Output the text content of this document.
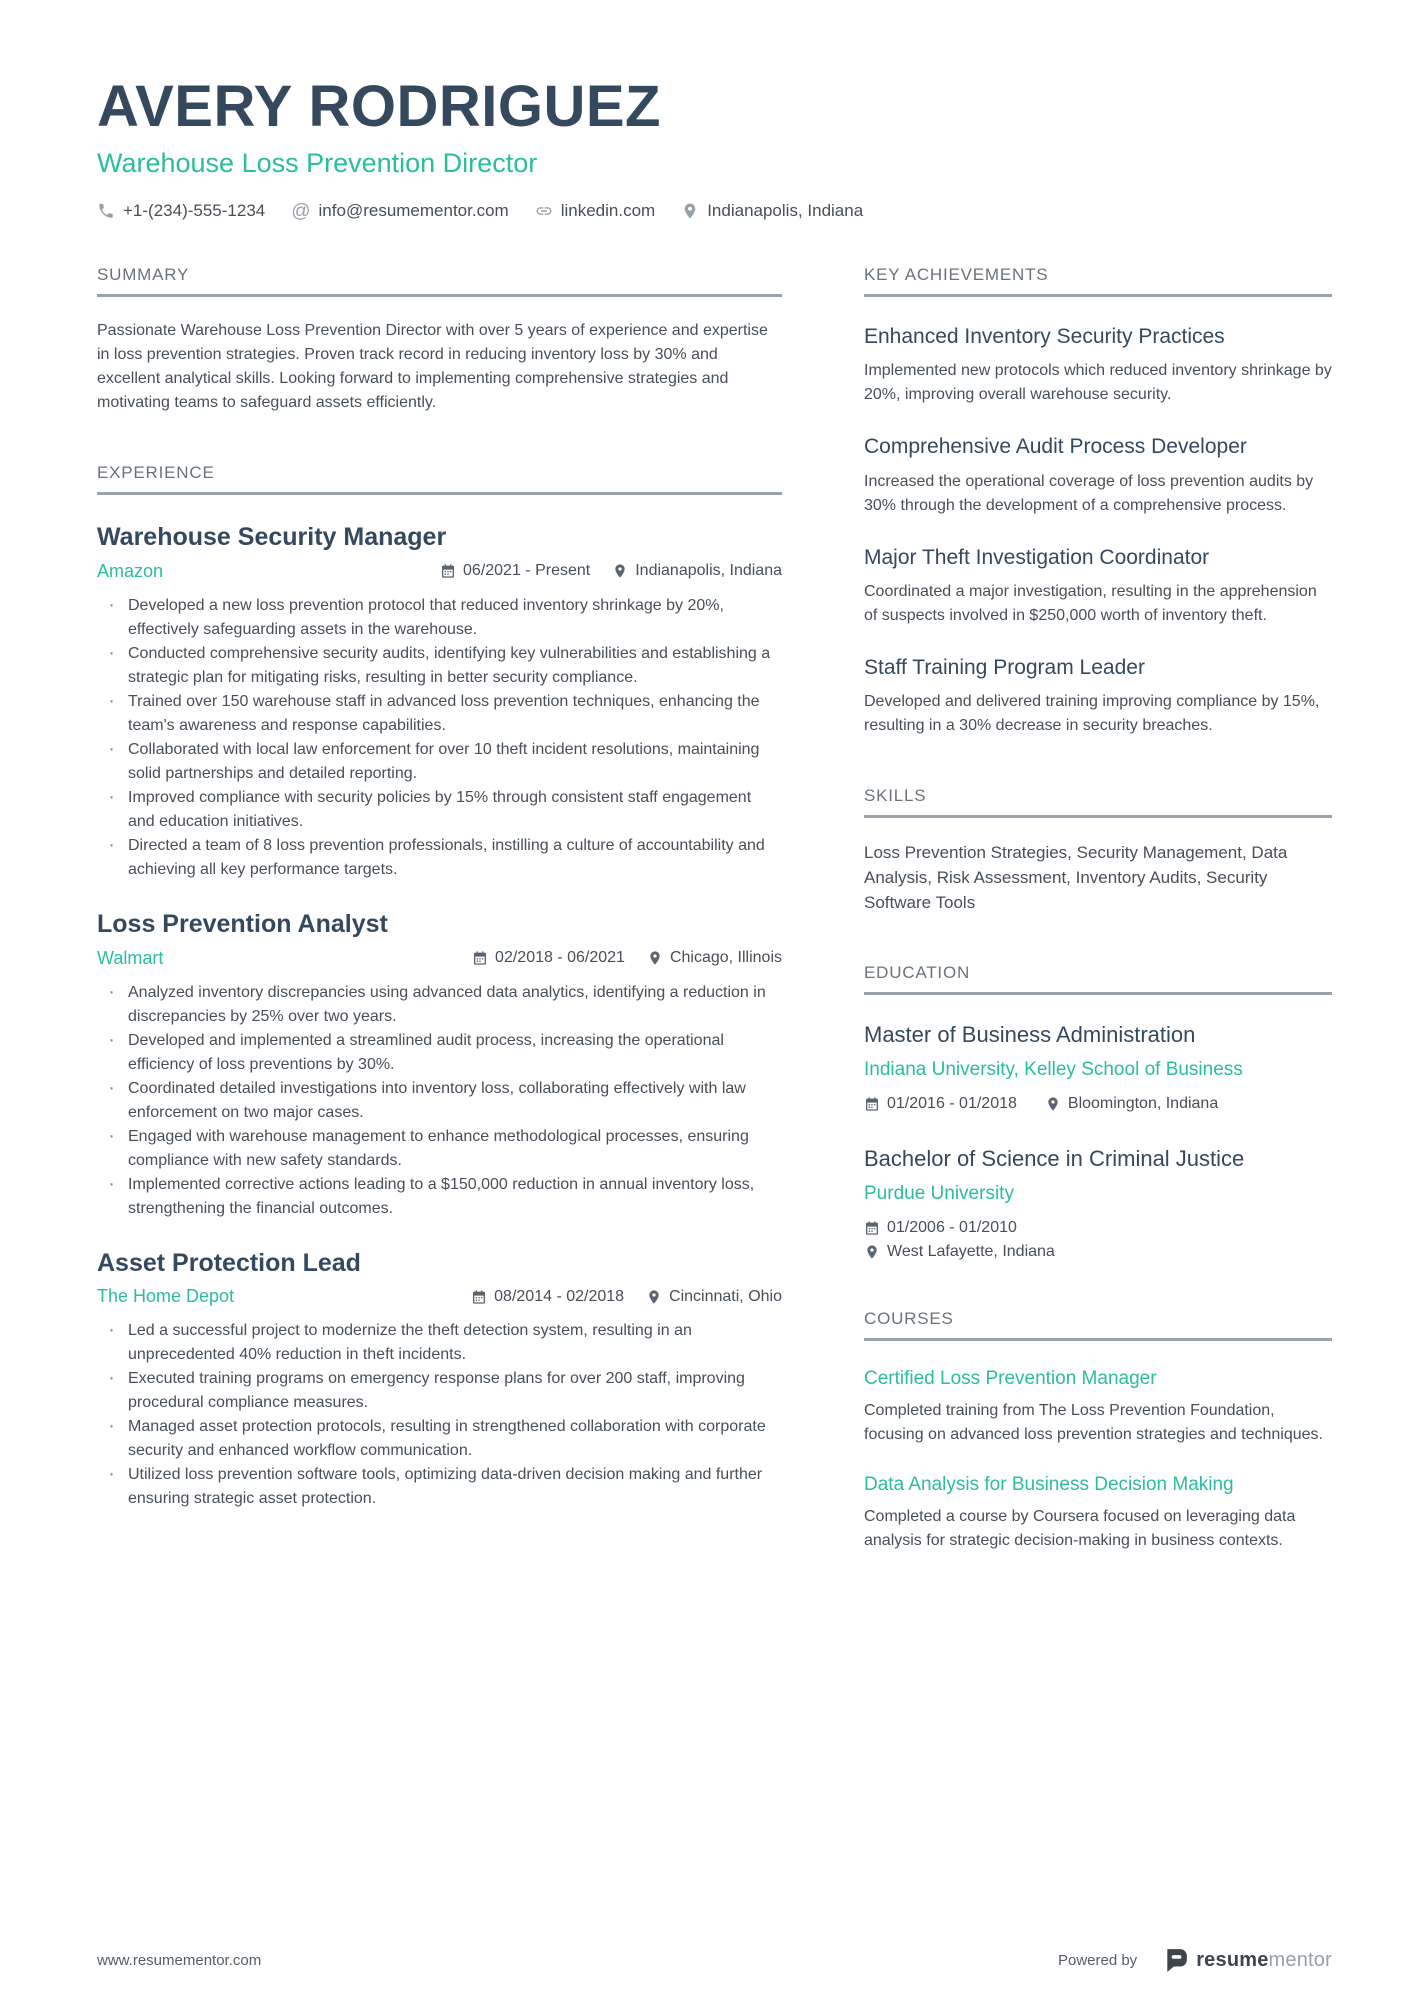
AVERY RODRIGUEZ
Warehouse Loss Prevention Director
+1-(234)-555-1234 @ info@resumementor.com	linkedin.com	Indianapolis, Indiana
SUMMARY

Passionate Warehouse Loss Prevention Director with over 5 years of experience and expertise in loss prevention strategies. Proven track record in reducing inventory loss by 30% and excellent analytical skills. Looking forward to implementing comprehensive strategies and motivating teams to safeguard assets efficiently.

EXPERIENCE
Warehouse Security Manager
Amazon	06/2021 - Present	Indianapolis, Indiana
· Developed a new loss prevention protocol that reduced inventory shrinkage by 20%, effectively safeguarding assets in the warehouse.
· Conducted comprehensive security audits, identifying key vulnerabilities and establishing a strategic plan for mitigating risks, resulting in better security compliance.
· Trained over 150 warehouse staff in advanced loss prevention techniques, enhancing the team's awareness and response capabilities.
· Collaborated with local law enforcement for over 10 theft incident resolutions, maintaining solid partnerships and detailed reporting.
· Improved compliance with security policies by 15% through consistent staff engagement and education initiatives.
· Directed a team of 8 loss prevention professionals, instilling a culture of accountability and achieving all key performance targets.
Loss Prevention Analyst
Walmart	02/2018 - 06/2021	Chicago, Illinois
· Analyzed inventory discrepancies using advanced data analytics, identifying a reduction in discrepancies by 25% over two years.
· Developed and implemented a streamlined audit process, increasing the operational efficiency of loss preventions by 30%.
· Coordinated detailed investigations into inventory loss, collaborating effectively with law enforcement on two major cases.
· Engaged with warehouse management to enhance methodological processes, ensuring compliance with new safety standards.
· Implemented corrective actions leading to a $150,000 reduction in annual inventory loss, strengthening the financial outcomes.
Asset Protection Lead
The Home Depot	08/2014 - 02/2018	Cincinnati, Ohio
· Led a successful project to modernize the theft detection system, resulting in an unprecedented 40% reduction in theft incidents.
· Executed training programs on emergency response plans for over 200 staff, improving procedural compliance measures.
· Managed asset protection protocols, resulting in strengthened collaboration with corporate security and enhanced workflow communication.
· Utilized loss prevention software tools, optimizing data-driven decision making and further ensuring strategic asset protection.
KEY ACHIEVEMENTS
Enhanced Inventory Security Practices

Implemented new protocols which reduced inventory shrinkage by 20%, improving overall warehouse security.

Comprehensive Audit Process Developer

Increased the operational coverage of loss prevention audits by 30% through the development of a comprehensive process.

Major Theft Investigation Coordinator

Coordinated a major investigation, resulting in the apprehension of suspects involved in $250,000 worth of inventory theft.

Staff Training Program Leader

Developed and delivered training improving compliance by 15%, resulting in a 30% decrease in security breaches.

SKILLS

Loss Prevention Strategies, Security Management, Data Analysis, Risk Assessment, Inventory Audits, Security Software Tools

EDUCATION
Master of Business Administration
Indiana University, Kelley School of Business
01/2016 - 01/2018	Bloomington, Indiana
Bachelor of Science in Criminal Justice
Purdue University
01/2006 - 01/2010
West Lafayette, Indiana
COURSES
Certified Loss Prevention Manager

Completed training from The Loss Prevention Foundation, focusing on advanced loss prevention strategies and techniques.

Data Analysis for Business Decision Making

Completed a course by Coursera focused on leveraging data analysis for strategic decision-making in business contexts.

www.resumementor.com	Powered by	resumementor
